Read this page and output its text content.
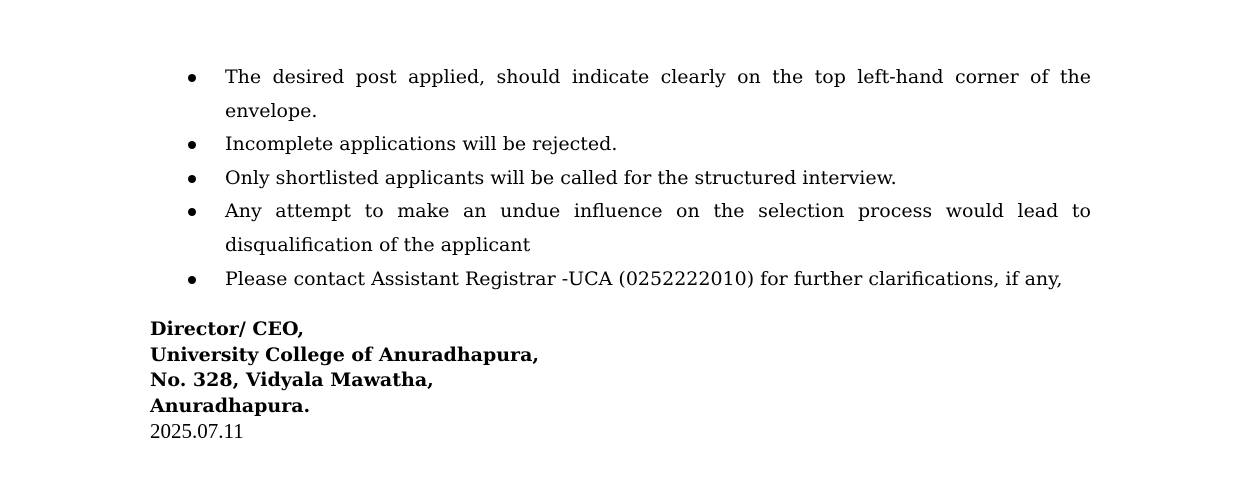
The desired post applied, should indicate clearly on the top left-hand corner of the envelope.
Incomplete applications will be rejected.
Only shortlisted applicants will be called for the structured interview.
Any attempt to make an undue influence on the selection process would lead to disqualification of the applicant
Please contact Assistant Registrar -UCA (0252222010) for further clarifications, if any,
Director/ CEO,
University College of Anuradhapura,
No. 328, Vidyala Mawatha,
Anuradhapura.
2025.07.11
